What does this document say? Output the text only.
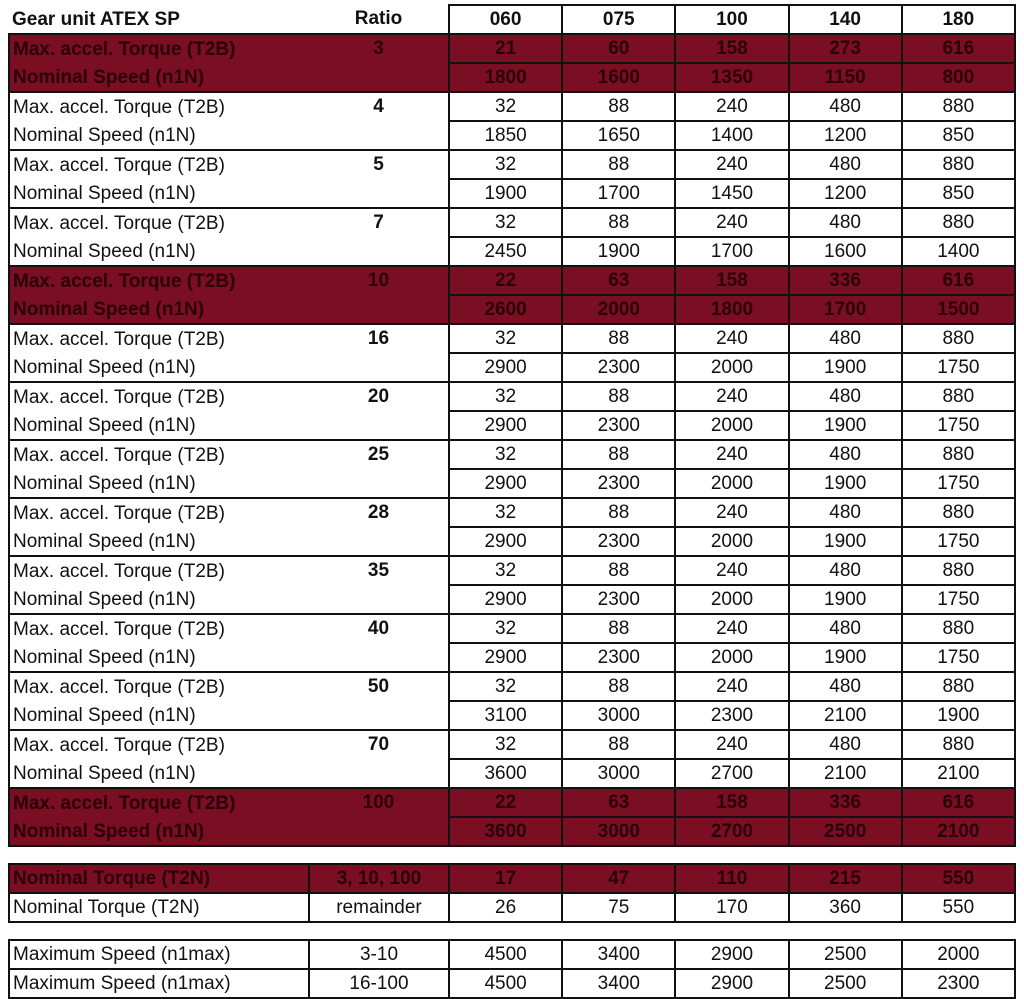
Gear unit ATEX SP	Ratio	060	075	100	140	180
Max. accel. Torque (T2B)	3	21	60	158	273	616
Nominal Speed (n1N)		1800	1600	1350	1150	800
Max. accel. Torque (T2B)	4	32	88	240	480	880
Nominal Speed (n1N)		1850	1650	1400	1200	850
Max. accel. Torque (T2B)	5	32	88	240	480	880
Nominal Speed (n1N)		1900	1700	1450	1200	850
Max. accel. Torque (T2B)	7	32	88	240	480	880
Nominal Speed (n1N)		2450	1900	1700	1600	1400
Max. accel. Torque (T2B)	10	22	63	158	336	616
Nominal Speed (n1N)		2600	2000	1800	1700	1500
Max. accel. Torque (T2B)	16	32	88	240	480	880
Nominal Speed (n1N)		2900	2300	2000	1900	1750
Max. accel. Torque (T2B)	20	32	88	240	480	880
Nominal Speed (n1N)		2900	2300	2000	1900	1750
Max. accel. Torque (T2B)	25	32	88	240	480	880
Nominal Speed (n1N)		2900	2300	2000	1900	1750
Max. accel. Torque (T2B)	28	32	88	240	480	880
Nominal Speed (n1N)		2900	2300	2000	1900	1750
Max. accel. Torque (T2B)	35	32	88	240	480	880
Nominal Speed (n1N)		2900	2300	2000	1900	1750
Max. accel. Torque (T2B)	40	32	88	240	480	880
Nominal Speed (n1N)		2900	2300	2000	1900	1750
Max. accel. Torque (T2B)	50	32	88	240	480	880
Nominal Speed (n1N)		3100	3000	2300	2100	1900
Max. accel. Torque (T2B)	70	32	88	240	480	880
Nominal Speed (n1N)		3600	3000	2700	2100	2100
Max. accel. Torque (T2B)	100	22	63	158	336	616
Nominal Speed (n1N)		3600	3000	2700	2500	2100

Nominal Torque (T2N)	3, 10, 100	17	47	110	215	550
Nominal Torque (T2N)	remainder	26	75	170	360	550

Maximum Speed (n1max)	3-10	4500	3400	2900	2500	2000
Maximum Speed (n1max)	16-100	4500	3400	2900	2500	2300
